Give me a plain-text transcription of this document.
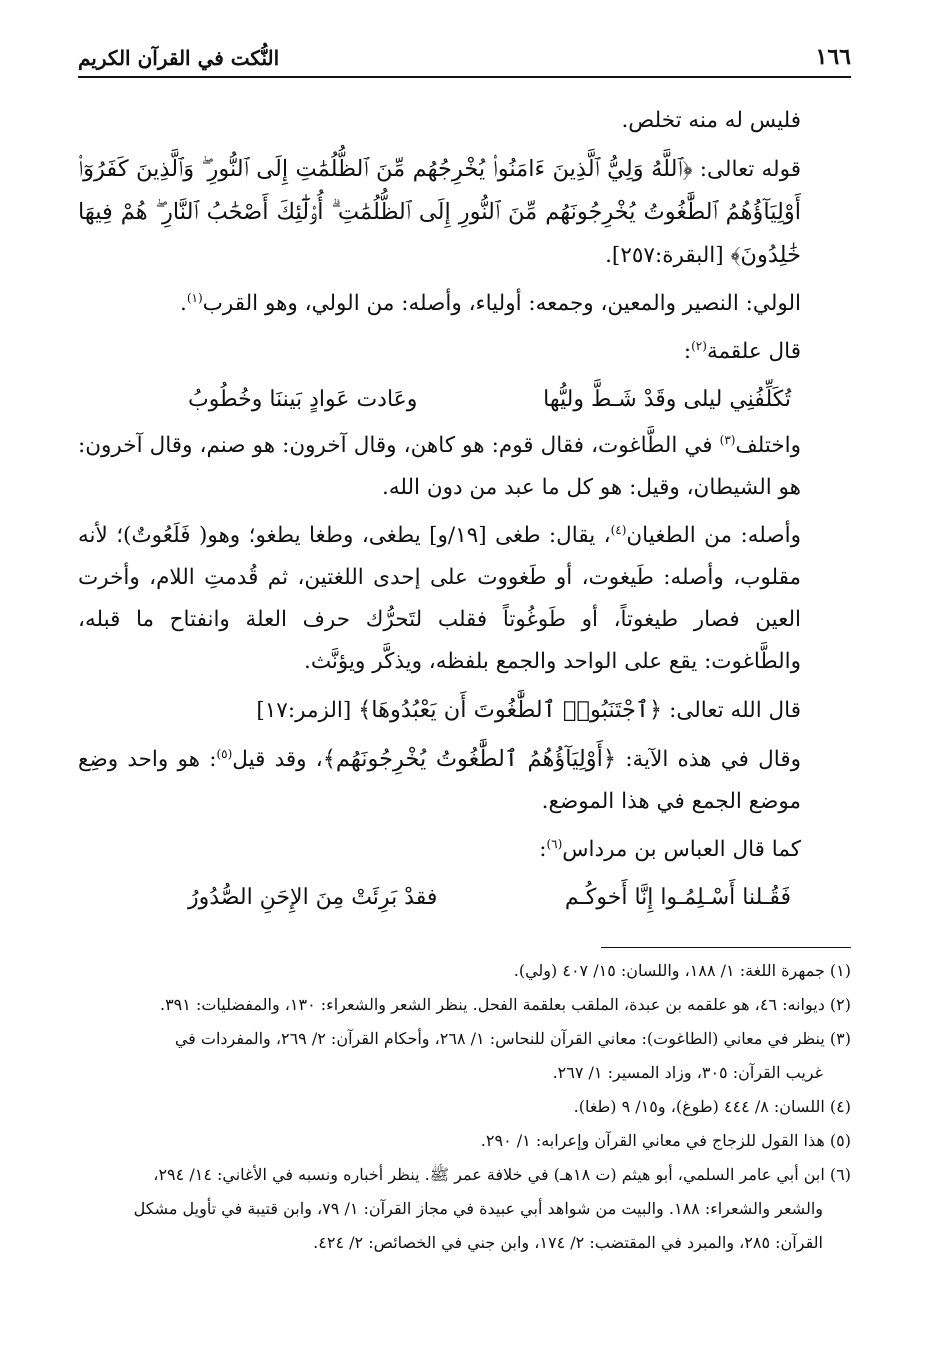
١٦٦
النُّكت في القرآن الكريم

فليس له منه تخلص.

قوله تعالى: ﴿ٱللَّهُ وَلِيُّ ٱلَّذِينَ ءَامَنُوا۟ يُخْرِجُهُم مِّنَ ٱلظُّلُمَٰتِ إِلَى ٱلنُّورِ ۖ وَٱلَّذِينَ كَفَرُوٓا۟ أَوْلِيَآؤُهُمُ ٱلطَّٰغُوتُ يُخْرِجُونَهُم مِّنَ ٱلنُّورِ إِلَى ٱلظُّلُمَٰتِ ۗ أُو۟لَٰٓئِكَ أَصْحَٰبُ ٱلنَّارِ ۖ هُمْ فِيهَا خَٰلِدُونَ﴾ [البقرة:٢٥٧].

الولي: النصير والمعين، وجمعه: أولياء، وأصله: من الولي، وهو القرب$^{(١)}$.

قال علقمة$^{(٢)}$:

تُكَلِّفُنِي ليلى وقَدْ شَـطَّ وليُّها
وعَادت عَوادٍ بَيننَا وخُطُوبُ

واختلف$^{(٣)}$ في الطَّاغوت، فقال قوم: هو كاهن، وقال آخرون: هو صنم، وقال آخرون: هو الشيطان، وقيل: هو كل ما عبد من دون الله.

وأصله: من الطغيان$^{(٤)}$، يقال: طغى [١٩/و] يطغى، وطغا يطغو؛ وهو( فَلَعُوتٌ)؛ لأنه مقلوب، وأصله: طَيغوت، أو طَغووت على إحدى اللغتين، ثم قُدمتِ اللام، وأخرت العين فصار طيغوتاً، أو طَوغُوتاً فقلب لتَحرُّك حرف العلة وانفتاح ما قبله، والطَّاغوت: يقع على الواحد والجمع بلفظه، ويذكَّر ويؤنَّث.

قال الله تعالى: ﴿ٱجْتَنَبُوا۟ ٱلطَّٰغُوتَ أَن يَعْبُدُوهَا﴾ [الزمر:١٧]

وقال في هذه الآية: ﴿أَوْلِيَآؤُهُمُ ٱلطَّٰغُوتُ يُخْرِجُونَهُم﴾، وقد قيل$^{(٥)}$: هو واحد وضِع موضع الجمع في هذا الموضع.

كما قال العباس بن مرداس$^{(٦)}$:

فَقُـلنا أَسْـلِمُـوا إِنَّا أَخوكُـم
فقدْ بَرِئَتْ مِنَ الإِحَنِ الصُّدُورُ

(١) جمهرة اللغة: ١/ ١٨٨، واللسان: ١٥/ ٤٠٧ (ولي).

(٢) ديوانه: ٤٦، هو علقمه بن عبدة، الملقب بعلقمة الفحل. ينظر الشعر والشعراء: ١٣٠، والمفضليات: ٣٩١.

(٣) ينظر في معاني (الطاغوت): معاني القرآن للنحاس: ١/ ٢٦٨، وأحكام القرآن: ٢/ ٢٦٩، والمفردات في

غريب القرآن: ٣٠٥، وزاد المسير: ١/ ٢٦٧.

(٤) اللسان: ٨/ ٤٤٤ (طوغ)، و١٥/ ٩ (طغا).

(٥) هذا القول للزجاج في معاني القرآن وإعرابه: ١/ ٢٩٠.

(٦) ابن أبي عامر السلمي، أبو هيثم (ت ١٨هـ) في خلافة عمر ﷺ. ينظر أخباره ونسبه في الأغاني: ١٤/ ٢٩٤،

والشعر والشعراء: ١٨٨. والبيت من شواهد أبي عبيدة في مجاز القرآن: ١/ ٧٩، وابن قتيبة في تأويل مشكل

القرآن: ٢٨٥، والمبرد في المقتضب: ٢/ ١٧٤، وابن جني في الخصائص: ٢/ ٤٢٤.
